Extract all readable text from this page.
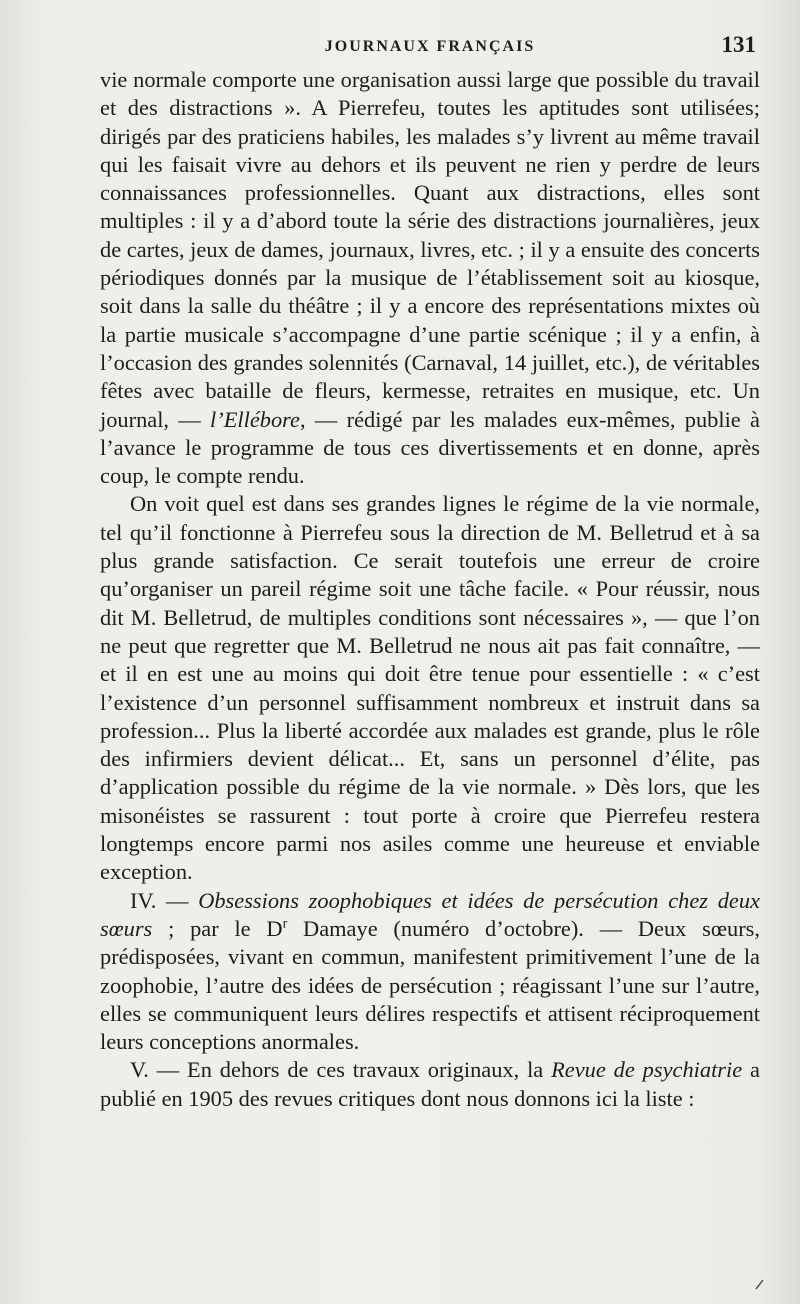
JOURNAUX FRANÇAIS	131

vie normale comporte une organisation aussi large que possible du travail et des distractions ». A Pierrefeu, toutes les aptitudes sont utilisées; dirigés par des praticiens habiles, les malades s’y livrent au même travail qui les faisait vivre au dehors et ils peuvent ne rien y perdre de leurs connaissances professionnelles. Quant aux distractions, elles sont multiples : il y a d’abord toute la série des distractions journalières, jeux de cartes, jeux de dames, journaux, livres, etc. ; il y a ensuite des concerts périodiques donnés par la musique de l’établissement soit au kiosque, soit dans la salle du théâtre ; il y a encore des représentations mixtes où la partie musicale s’accompagne d’une partie scénique ; il y a enfin, à l’occasion des grandes solennités (Carnaval, 14 juillet, etc.), de véritables fêtes avec bataille de fleurs, kermesse, retraites en musique, etc. Un journal, — l’Ellébore, — rédigé par les malades eux-mêmes, publie à l’avance le programme de tous ces divertissements et en donne, après coup, le compte rendu.

On voit quel est dans ses grandes lignes le régime de la vie normale, tel qu’il fonctionne à Pierrefeu sous la direction de M. Belletrud et à sa plus grande satisfaction. Ce serait toutefois une erreur de croire qu’organiser un pareil régime soit une tâche facile. « Pour réussir, nous dit M. Belletrud, de multiples conditions sont nécessaires », — que l’on ne peut que regretter que M. Belletrud ne nous ait pas fait connaître, — et il en est une au moins qui doit être tenue pour essentielle : « c’est l’existence d’un personnel suffisamment nombreux et instruit dans sa profession... Plus la liberté accordée aux malades est grande, plus le rôle des infirmiers devient délicat... Et, sans un personnel d’élite, pas d’application possible du régime de la vie normale. » Dès lors, que les misonéistes se rassurent : tout porte à croire que Pierrefeu restera longtemps encore parmi nos asiles comme une heureuse et enviable exception.

IV. — Obsessions zoophobiques et idées de persécution chez deux sœurs ; par le $D^r$ Damaye (numéro d’octobre). — Deux sœurs, prédisposées, vivant en commun, manifestent primitivement l’une de la zoophobie, l’autre des idées de persécution ; réagissant l’une sur l’autre, elles se communiquent leurs délires respectifs et attisent réciproquement leurs conceptions anormales.

V. — En dehors de ces travaux originaux, la Revue de psychiatrie a publié en 1905 des revues critiques dont nous donnons ici la liste :
